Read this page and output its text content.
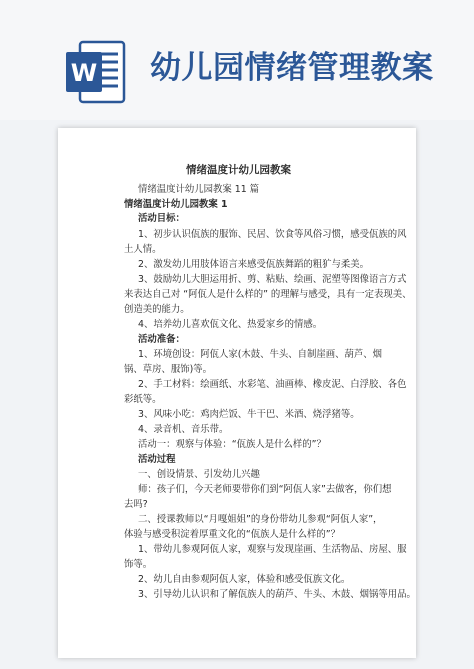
W 幼儿园情绪管理教案
情绪温度计幼儿园教案
情绪温度计幼儿园教案 11 篇
情绪温度计幼儿园教案 1
活动目标：
1、初步认识佤族的服饰、民居、饮食等风俗习惯，感受佤族的风
土人情。
2、激发幼儿用肢体语言来感受佤族舞蹈的粗犷与柔美。
3、鼓励幼儿大胆运用折、剪、粘贴、绘画、泥塑等图像语言方式
来表达自己对 “阿佤人是什么样的” 的理解与感受，具有一定表现美、
创造美的能力。
4、培养幼儿喜欢佤文化、热爱家乡的情感。
活动准备：
1、环境创设：阿佤人家(木鼓、牛头、自制崖画、葫芦、烟
锅、草房、服饰)等。
2、手工材料：绘画纸、水彩笔、油画棒、橡皮泥、白浮胶、各色
彩纸等。
3、风味小吃：鸡肉烂饭、牛干巴、米酒、烧浮猪等。
4、录音机、音乐带。
活动一：观察与体验：“佤族人是什么样的”？
活动过程
一、创设情景、引发幼儿兴趣
师：孩子们，今天老师要带你们到“阿佤人家”去做客，你们想
去吗?
二、授课教师以“月嘎姐姐”的身份带幼儿参观“阿佤人家”，
体验与感受积淀着厚重文化的“佤族人是什么样的”？
1、带幼儿参观阿佤人家，观察与发现崖画、生活物品、房屋、服
饰等。
2、幼儿自由参观阿佤人家，体验和感受佤族文化。
3、引导幼儿认识和了解佤族人的葫芦、牛头、木鼓、烟锅等用品。
